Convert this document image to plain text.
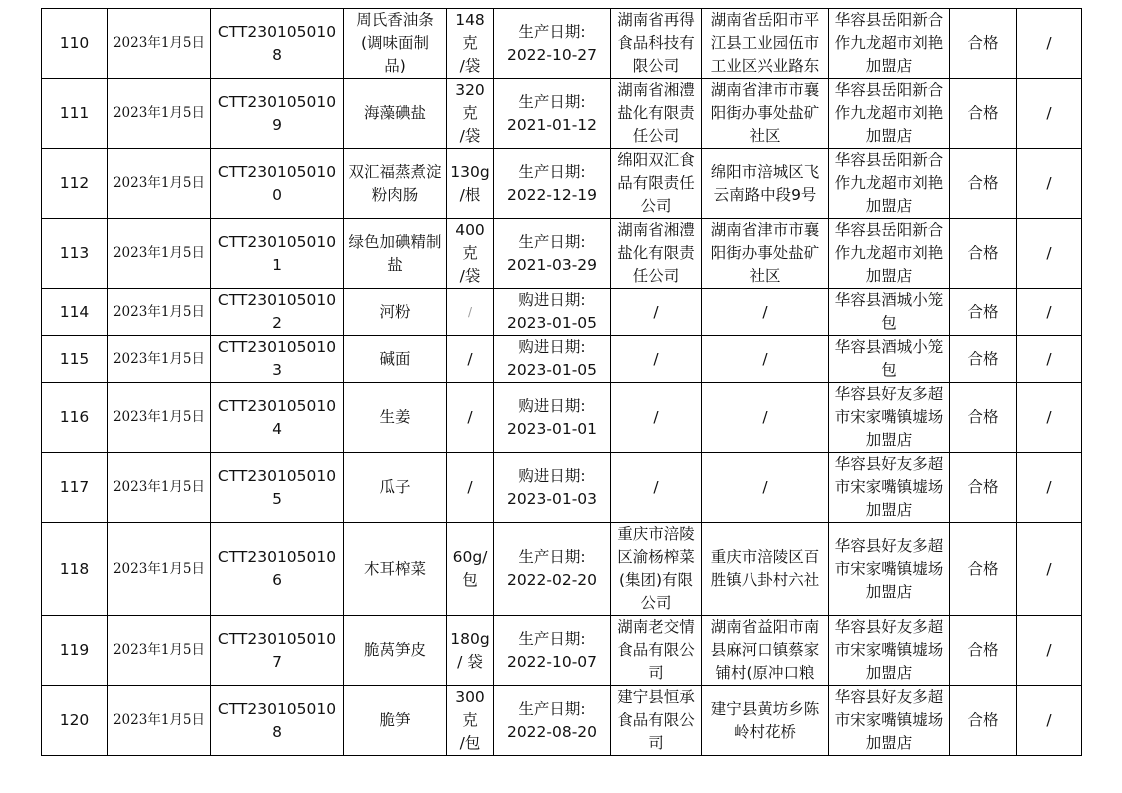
110	2023年1月5日	CTT230105010
8	周氏香油条
(调味面制
品)	148克
/袋	生产日期:
2022-10-27	湖南省再得
食品科技有
限公司	湖南省岳阳市平
江县工业园伍市
工业区兴业路东	华容县岳阳新合
作九龙超市刘艳
加盟店	合格	/

111	2023年1月5日	CTT230105010
9	海藻碘盐	320克
/袋	生产日期:
2021-01-12	湖南省湘澧
盐化有限责
任公司	湖南省津市市襄
阳街办事处盐矿
社区	华容县岳阳新合
作九龙超市刘艳
加盟店	合格	/

112	2023年1月5日	CTT230105010
0	双汇福蒸煮淀
粉肉肠	130g
/根	生产日期:
2022-12-19	绵阳双汇食
品有限责任
公司	绵阳市涪城区飞
云南路中段9号	华容县岳阳新合
作九龙超市刘艳
加盟店	合格	/

113	2023年1月5日	CTT230105010
1	绿色加碘精制
盐	400克
/袋	生产日期:
2021-03-29	湖南省湘澧
盐化有限责
任公司	湖南省津市市襄
阳街办事处盐矿
社区	华容县岳阳新合
作九龙超市刘艳
加盟店	合格	/

114	2023年1月5日	CTT230105010
2	河粉	/	购进日期:
2023-01-05	/	/	华容县酒城小笼
包	合格	/

115	2023年1月5日	CTT230105010
3	碱面	/	购进日期:
2023-01-05	/	/	华容县酒城小笼
包	合格	/

116	2023年1月5日	CTT230105010
4	生姜	/	购进日期:
2023-01-01	/	/	华容县好友多超
市宋家嘴镇墟场
加盟店	合格	/

117	2023年1月5日	CTT230105010
5	瓜子	/	购进日期:
2023-01-03	/	/	华容县好友多超
市宋家嘴镇墟场
加盟店	合格	/

118	2023年1月5日	CTT230105010
6	木耳榨菜	60g/
包	生产日期:
2022-02-20	重庆市涪陵
区渝杨榨菜
(集团)有限
公司	重庆市涪陵区百
胜镇八卦村六社	华容县好友多超
市宋家嘴镇墟场
加盟店	合格	/

119	2023年1月5日	CTT230105010
7	脆莴笋皮	180g
/ 袋	生产日期:
2022-10-07	湖南老交情
食品有限公
司	湖南省益阳市南
县麻河口镇蔡家
铺村(原冲口粮	华容县好友多超
市宋家嘴镇墟场
加盟店	合格	/

120	2023年1月5日	CTT230105010
8	脆笋	300克
/包	生产日期:
2022-08-20	建宁县恒承
食品有限公
司	建宁县黄坊乡陈
岭村花桥	华容县好友多超
市宋家嘴镇墟场
加盟店	合格	/
